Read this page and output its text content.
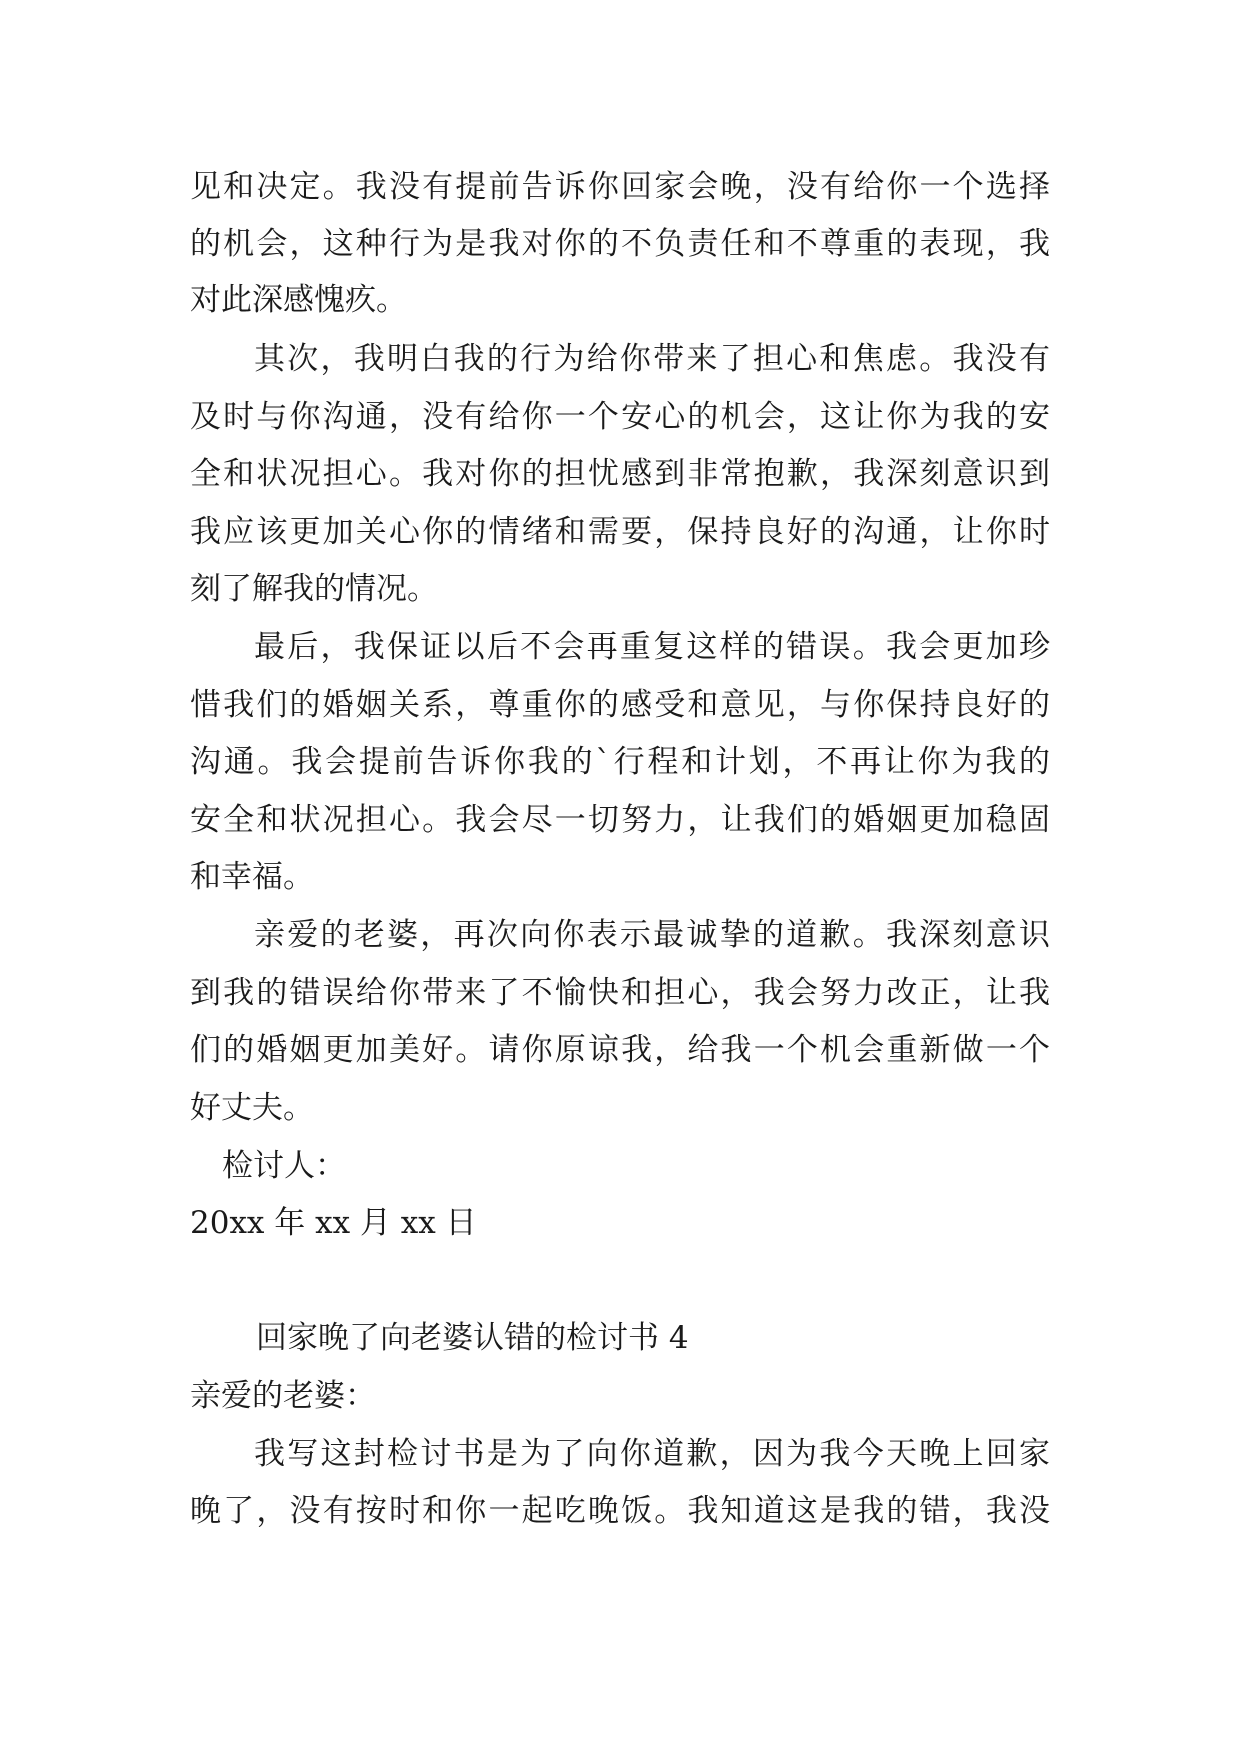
见和决定。我没有提前告诉你回家会晚，没有给你一个选择
的机会，这种行为是我对你的不负责任和不尊重的表现，我
对此深感愧疚。
其次，我明白我的行为给你带来了担心和焦虑。我没有
及时与你沟通，没有给你一个安心的机会，这让你为我的安
全和状况担心。我对你的担忧感到非常抱歉，我深刻意识到
我应该更加关心你的情绪和需要，保持良好的沟通，让你时
刻了解我的情况。
最后，我保证以后不会再重复这样的错误。我会更加珍
惜我们的婚姻关系，尊重你的感受和意见，与你保持良好的
沟通。我会提前告诉你我的`行程和计划，不再让你为我的
安全和状况担心。我会尽一切努力，让我们的婚姻更加稳固
和幸福。
亲爱的老婆，再次向你表示最诚挚的道歉。我深刻意识
到我的错误给你带来了不愉快和担心，我会努力改正，让我
们的婚姻更加美好。请你原谅我，给我一个机会重新做一个
好丈夫。
检讨人：
20xx 年 xx 月 xx 日
回家晚了向老婆认错的检讨书 4
亲爱的老婆：
我写这封检讨书是为了向你道歉，因为我今天晚上回家
晚了，没有按时和你一起吃晚饭。我知道这是我的错，我没
